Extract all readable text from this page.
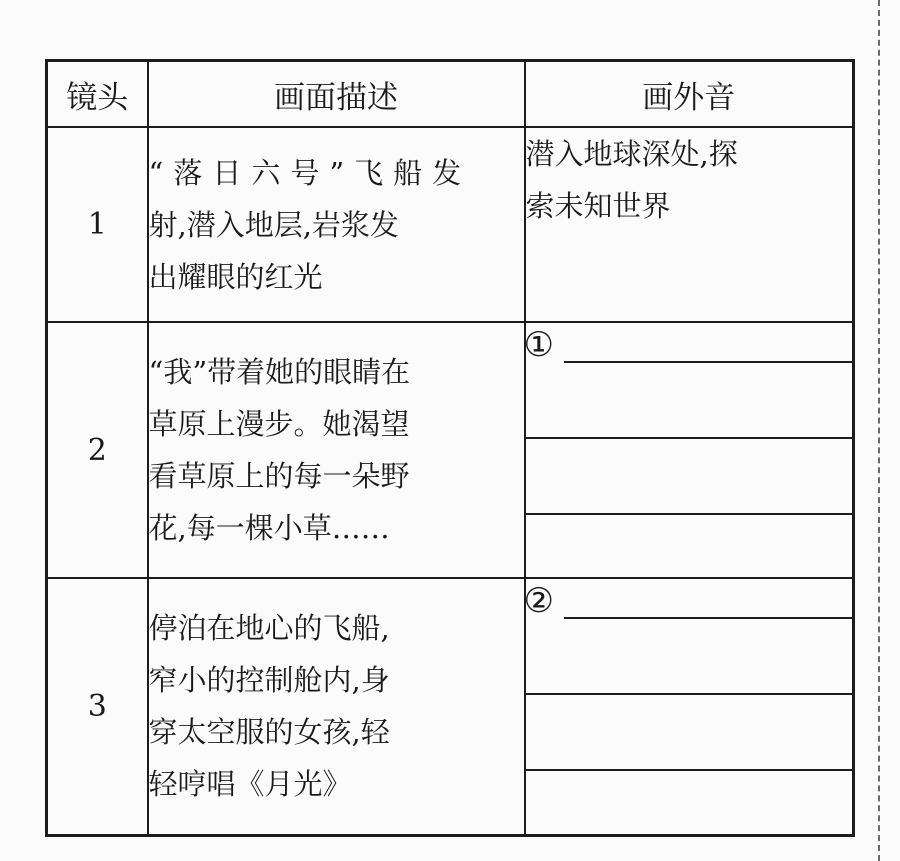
镜头	画面描述	画外音
1	“落日六号”飞船发
射,潜入地层,岩浆发
出耀眼的红光	潜入地球深处,探
索未知世界

2	“我”带着她的眼睛在
草原上漫步。她渴望
看草原上的每一朵野
花,每一棵小草……	①

3	停泊在地心的飞船,
窄小的控制舱内,身
穿太空服的女孩,轻
轻哼唱《月光》	②
